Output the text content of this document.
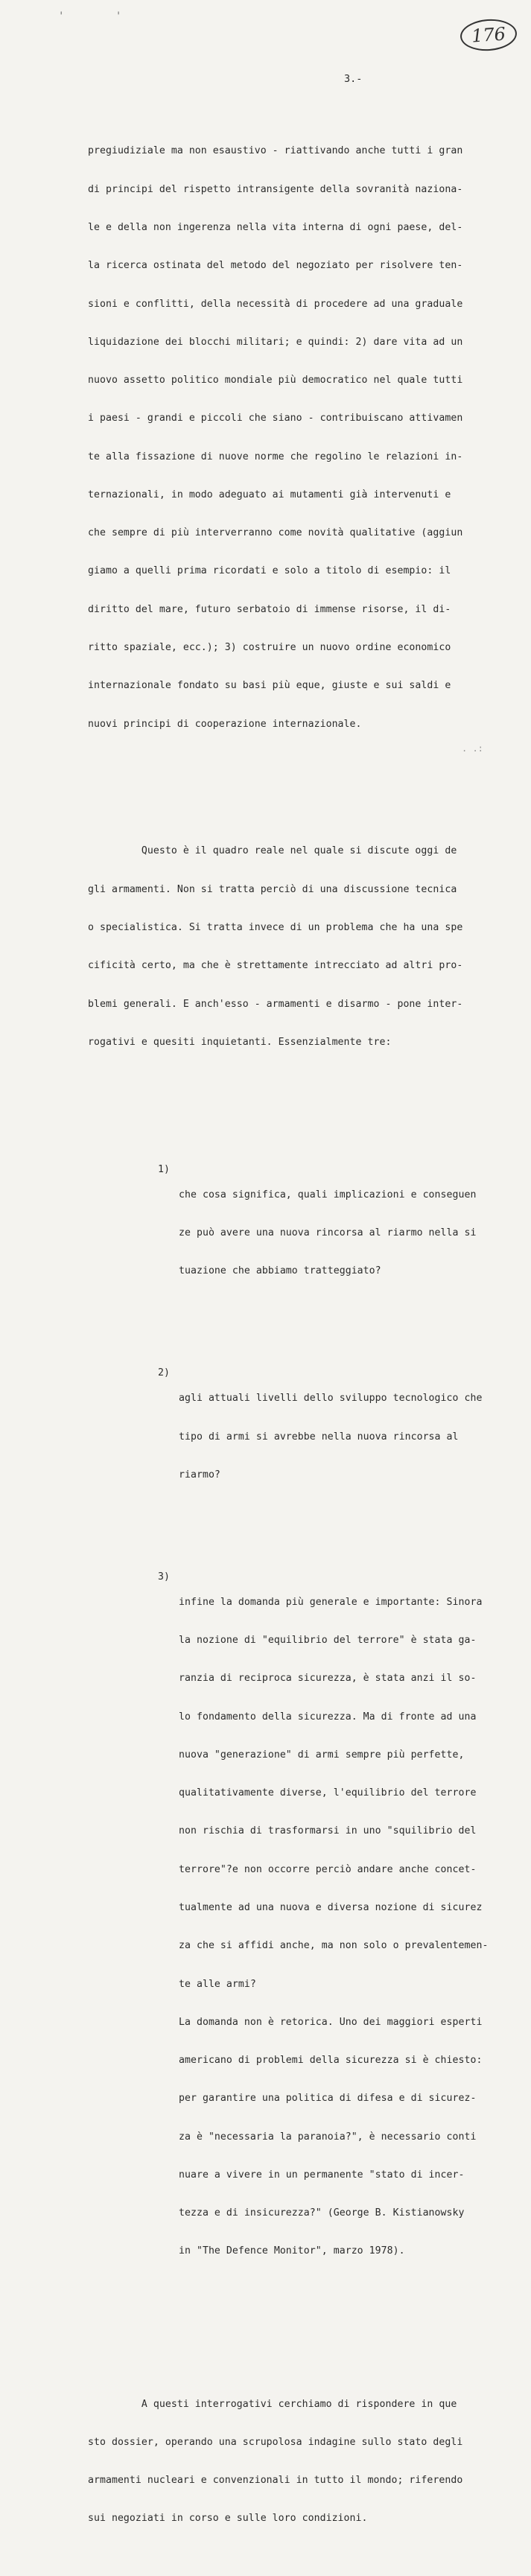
' '
176
3.-

pregiudiziale ma non esaustivo - riattivando anche tutti i gran

di principi del rispetto intransigente della sovranità naziona-

le e della non ingerenza nella vita interna di ogni paese, del-

la ricerca ostinata del metodo del negoziato per risolvere ten-

sioni e conflitti, della necessità di procedere ad una graduale

liquidazione dei blocchi militari; e quindi: 2) dare vita ad un

nuovo assetto politico mondiale più democratico nel quale tutti

i paesi - grandi e piccoli che siano - contribuiscano attivamen

te alla fissazione di nuove norme che regolino le relazioni in-

ternazionali, in modo adeguato ai mutamenti già intervenuti e

che sempre di più interverranno come novità qualitative (aggiun

giamo a quelli prima ricordati e solo a titolo di esempio: il

diritto del mare, futuro serbatoio di immense risorse, il di-

ritto spaziale, ecc.); 3) costruire un nuovo ordine economico

internazionale fondato su basi più eque, giuste e sui saldi e

nuovi principi di cooperazione internazionale.

Questo è il quadro reale nel quale si discute oggi de

gli armamenti. Non si tratta perciò di una discussione tecnica

o specialistica. Si tratta invece di un problema che ha una spe

cificità certo, ma che è strettamente intrecciato ad altri pro-

blemi generali. E anch'esso - armamenti e disarmo - pone inter-

rogativi e quesiti inquietanti. Essenzialmente tre:

1)

che cosa significa, quali implicazioni e conseguen

ze può avere una nuova rincorsa al riarmo nella si

tuazione che abbiamo tratteggiato?

2)

agli attuali livelli dello sviluppo tecnologico che

tipo di armi si avrebbe nella nuova rincorsa al

riarmo?

3)

infine la domanda più generale e importante: Sinora

la nozione di "equilibrio del terrore" è stata ga-

ranzia di reciproca sicurezza, è stata anzi il so-

lo fondamento della sicurezza. Ma di fronte ad una

nuova "generazione" di armi sempre più perfette,

qualitativamente diverse, l'equilibrio del terrore

non rischia di trasformarsi in uno "squilibrio del

terrore"?e non occorre perciò andare anche concet-

tualmente ad una nuova e diversa nozione di sicurez

za che si affidi anche, ma non solo o prevalentemen-

te alle armi?

La domanda non è retorica. Uno dei maggiori esperti

americano di problemi della sicurezza si è chiesto:

per garantire una politica di difesa e di sicurez-

za è "necessaria la paranoia?", è necessario conti

nuare a vivere in un permanente "stato di incer-

tezza e di insicurezza?" (George B. Kistianowsky

in "The Defence Monitor", marzo 1978).

A questi interrogativi cerchiamo di rispondere in que

sto dossier, operando una scrupolosa indagine sullo stato degli

armamenti nucleari e convenzionali in tutto il mondo; riferendo

sui negoziati in corso e sulle loro condizioni.

. .:
